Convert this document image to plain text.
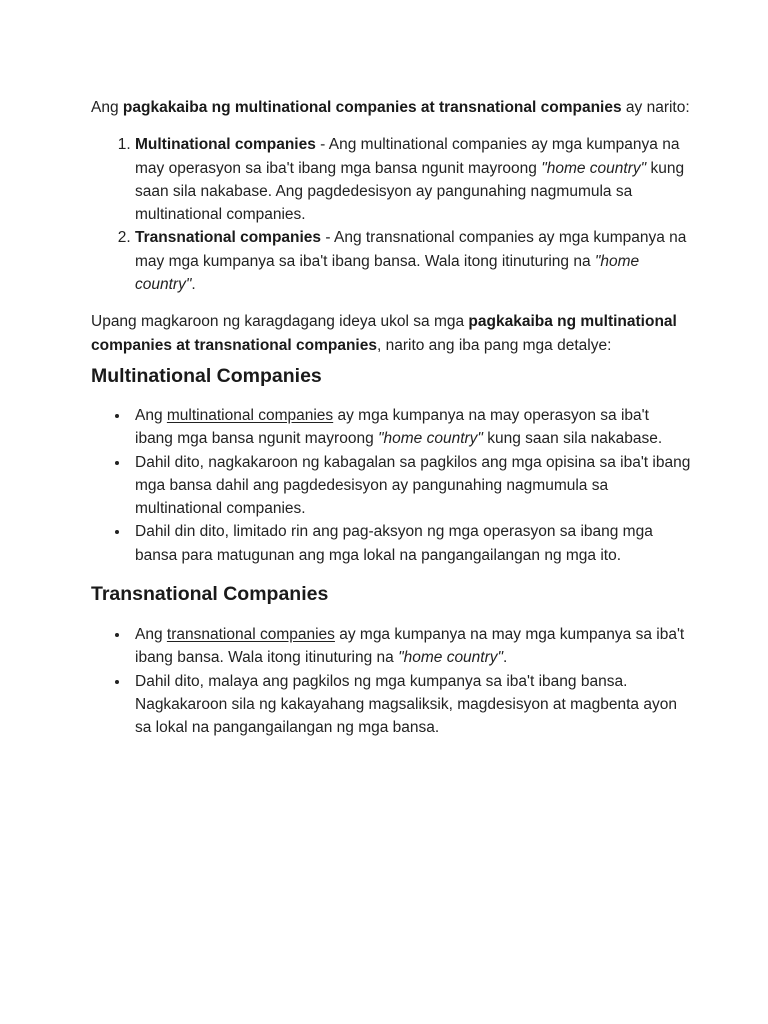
Ang pagkakaiba ng multinational companies at transnational companies ay narito:

1. Multinational companies - Ang multinational companies ay mga kumpanya na may operasyon sa iba't ibang mga bansa ngunit mayroong "home country" kung saan sila nakabase. Ang pagdedesisyon ay pangunahing nagmumula sa multinational companies.
2. Transnational companies - Ang transnational companies ay mga kumpanya na may mga kumpanya sa iba't ibang bansa. Wala itong itinuturing na "home country".

Upang magkaroon ng karagdagang ideya ukol sa mga pagkakaiba ng multinational companies at transnational companies, narito ang iba pang mga detalye:

Multinational Companies
Ang multinational companies ay mga kumpanya na may operasyon sa iba't ibang mga bansa ngunit mayroong "home country" kung saan sila nakabase.
Dahil dito, nagkakaroon ng kabagalan sa pagkilos ang mga opisina sa iba't ibang mga bansa dahil ang pagdedesisyon ay pangunahing nagmumula sa multinational companies.
Dahil din dito, limitado rin ang pag-aksyon ng mga operasyon sa ibang mga bansa para matugunan ang mga lokal na pangangailangan ng mga ito.
Transnational Companies
Ang transnational companies ay mga kumpanya na may mga kumpanya sa iba't ibang bansa. Wala itong itinuturing na "home country".
Dahil dito, malaya ang pagkilos ng mga kumpanya sa iba't ibang bansa. Nagkakaroon sila ng kakayahang magsaliksik, magdesisyon at magbenta ayon sa lokal na pangangailangan ng mga bansa.
